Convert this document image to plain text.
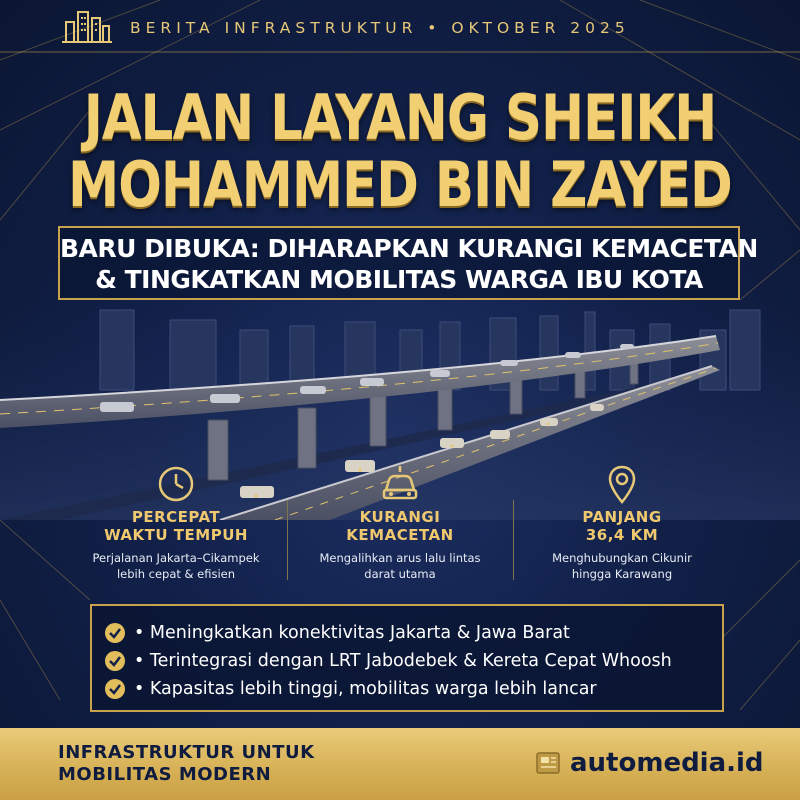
BERITA INFRASTRUKTUR • OKTOBER 2025
JALAN LAYANG SHEIKH
MOHAMMED BIN ZAYED
BARU DIBUKA: DIHARAPKAN KURANGI KEMACETAN
& TINGKATKAN MOBILITAS WARGA IBU KOTA
PERCEPAT
WAKTU TEMPUH
Perjalanan Jakarta–Cikampek
lebih cepat & efisien
KURANGI
KEMACETAN
Mengalihkan arus lalu lintas
darat utama
PANJANG
36,4 KM
Menghubungkan Cikunir
hingga Karawang
• Meningkatkan konektivitas Jakarta & Jawa Barat
• Terintegrasi dengan LRT Jabodebek & Kereta Cepat Whoosh
• Kapasitas lebih tinggi, mobilitas warga lebih lancar
INFRASTRUKTUR UNTUK
MOBILITAS MODERN	automedia.id
